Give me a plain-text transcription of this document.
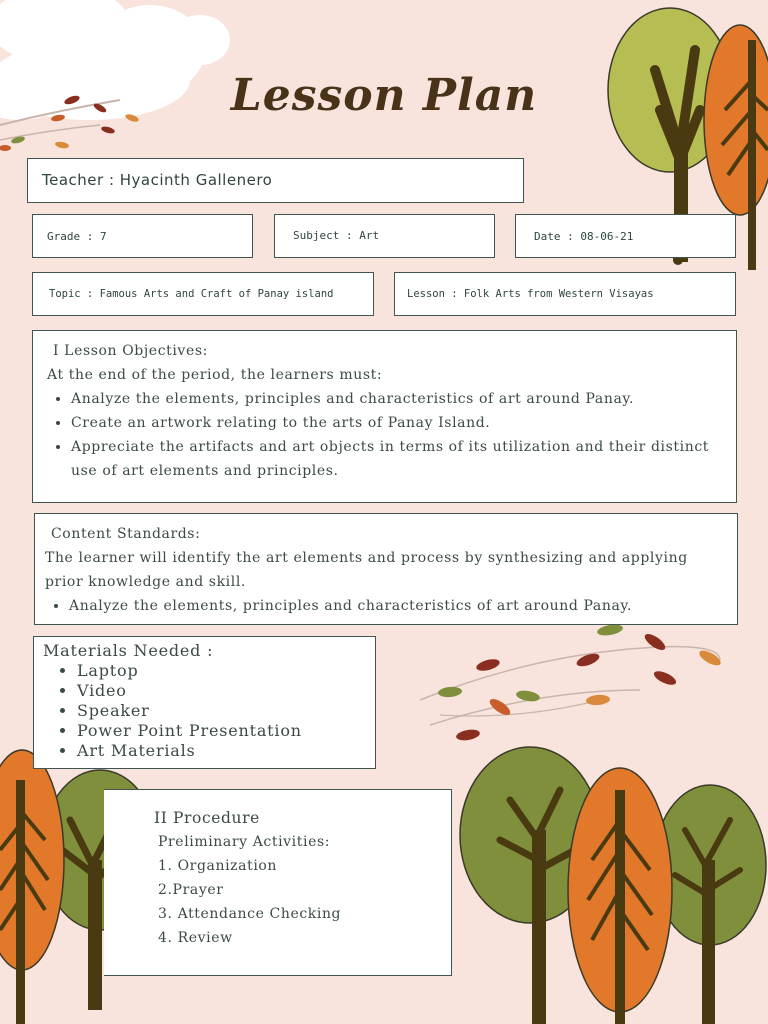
Lesson Plan
Teacher : Hyacinth Gallenero
Grade : 7	Subject : Art	Date : 08-06-21
Topic : Famous Arts and Craft of Panay island	Lesson : Folk Arts from Western Visayas
I Lesson Objectives:
At the end of the period, the learners must:
• Analyze the elements, principles and characteristics of art around Panay.
• Create an artwork relating to the arts of Panay Island.
• Appreciate the artifacts and art objects in terms of its utilization and their distinct use of art elements and principles.
Content Standards:
The learner will identify the art elements and process by synthesizing and applying prior knowledge and skill.
• Analyze the elements, principles and characteristics of art around Panay.
Materials Needed :
• Laptop
• Video
• Speaker
• Power Point Presentation
• Art Materials
II Procedure
Preliminary Activities:
1. Organization
2.Prayer
3. Attendance Checking
4. Review
